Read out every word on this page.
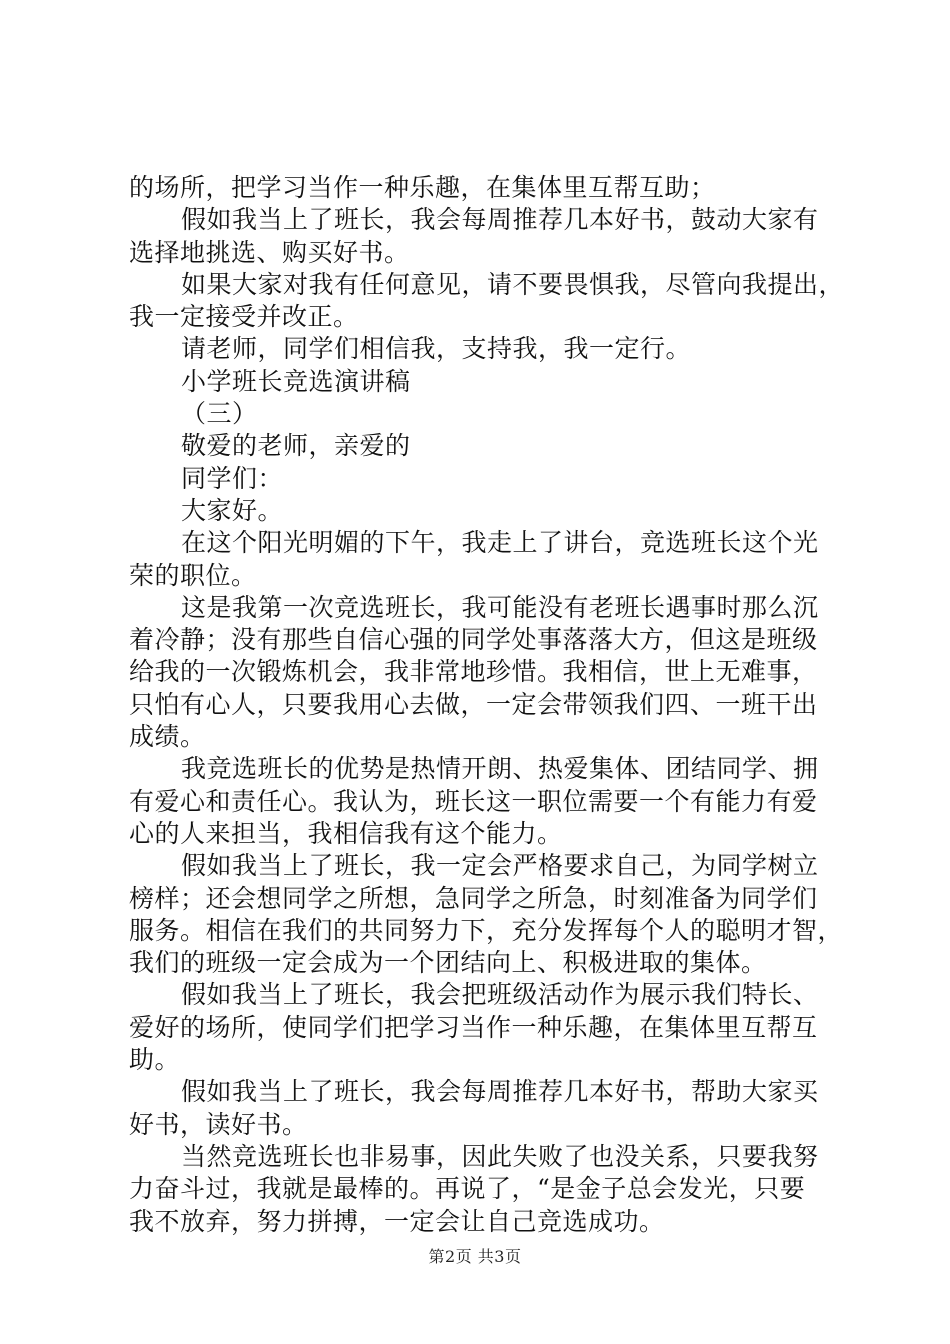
的场所，把学习当作一种乐趣，在集体里互帮互助；
假如我当上了班长，我会每周推荐几本好书，鼓动大家有
选择地挑选、购买好书。
如果大家对我有任何意见，请不要畏惧我，尽管向我提出，
我一定接受并改正。
请老师，同学们相信我，支持我，我一定行。
小学班长竞选演讲稿
（三）
敬爱的老师，亲爱的
同学们：
大家好。
在这个阳光明媚的下午，我走上了讲台，竞选班长这个光
荣的职位。
这是我第一次竞选班长，我可能没有老班长遇事时那么沉
着冷静；没有那些自信心强的同学处事落落大方，但这是班级
给我的一次锻炼机会，我非常地珍惜。我相信，世上无难事，
只怕有心人，只要我用心去做，一定会带领我们四、一班干出
成绩。
我竞选班长的优势是热情开朗、热爱集体、团结同学、拥
有爱心和责任心。我认为，班长这一职位需要一个有能力有爱
心的人来担当，我相信我有这个能力。
假如我当上了班长，我一定会严格要求自己，为同学树立
榜样；还会想同学之所想，急同学之所急，时刻准备为同学们
服务。相信在我们的共同努力下，充分发挥每个人的聪明才智，
我们的班级一定会成为一个团结向上、积极进取的集体。
假如我当上了班长，我会把班级活动作为展示我们特长、
爱好的场所，使同学们把学习当作一种乐趣，在集体里互帮互
助。
假如我当上了班长，我会每周推荐几本好书，帮助大家买
好书，读好书。
当然竞选班长也非易事，因此失败了也没关系，只要我努
力奋斗过，我就是最棒的。再说了，“是金子总会发光，只要
我不放弃，努力拼搏，一定会让自己竞选成功。
第2页 共3页
